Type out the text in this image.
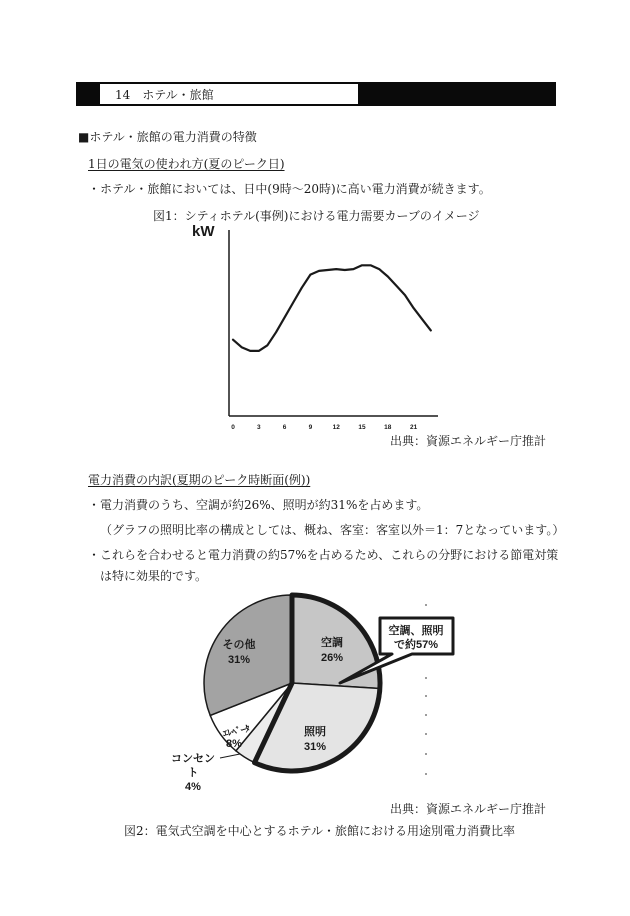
14　ホテル・旅館
■ホテル・旅館の電力消費の特徴
1日の電気の使われ方(夏のピーク日)
・ホテル・旅館においては、日中(9時〜20時)に高い電力消費が続きます。
図1：シティホテル(事例)における電力需要カーブのイメージ
kW
0	3	6	9	12	15	18	21
出典：資源エネルギー庁推計
電力消費の内訳(夏期のピーク時断面(例))
・電力消費のうち、空調が約26%、照明が約31%を占めます。
（グラフの照明比率の構成としては、概ね、客室：客室以外＝1：7となっています。）
・これらを合わせると電力消費の約57%を占めるため、これらの分野における節電対策
は特に効果的です。
空調
26%
照明
31%
その他
31%
ｴﾚﾍﾞｰﾀ
8%
コンセン
ト
4%
空調、照明
で約57%
出典：資源エネルギー庁推計
図2：電気式空調を中心とするホテル・旅館における用途別電力消費比率
